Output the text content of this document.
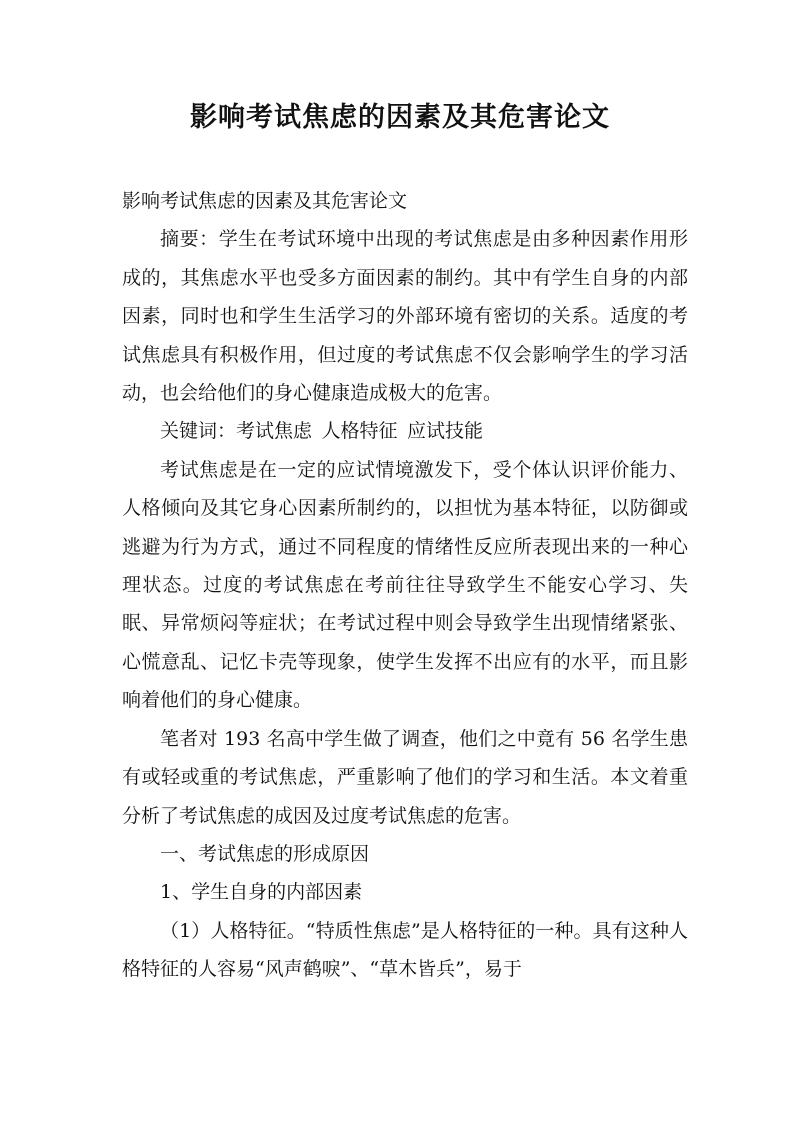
影响考试焦虑的因素及其危害论文

影响考试焦虑的因素及其危害论文

摘要：学生在考试环境中出现的考试焦虑是由多种因素作用形成的，其焦虑水平也受多方面因素的制约。其中有学生自身的内部因素，同时也和学生生活学习的外部环境有密切的关系。适度的考试焦虑具有积极作用，但过度的考试焦虑不仅会影响学生的学习活动，也会给他们的身心健康造成极大的危害。

关键词：考试焦虑 人格特征 应试技能

考试焦虑是在一定的应试情境激发下，受个体认识评价能力、人格倾向及其它身心因素所制约的，以担忧为基本特征，以防御或逃避为行为方式，通过不同程度的情绪性反应所表现出来的一种心理状态。过度的考试焦虑在考前往往导致学生不能安心学习、失眠、异常烦闷等症状；在考试过程中则会导致学生出现情绪紧张、心慌意乱、记忆卡壳等现象，使学生发挥不出应有的水平，而且影响着他们的身心健康。

笔者对 193 名高中学生做了调查，他们之中竟有 56 名学生患有或轻或重的考试焦虑，严重影响了他们的学习和生活。本文着重分析了考试焦虑的成因及过度考试焦虑的危害。

一、考试焦虑的形成原因

1、学生自身的内部因素

（1）人格特征。“特质性焦虑”是人格特征的一种。具有这种人格特征的人容易“风声鹤唳”、“草木皆兵”，易于
